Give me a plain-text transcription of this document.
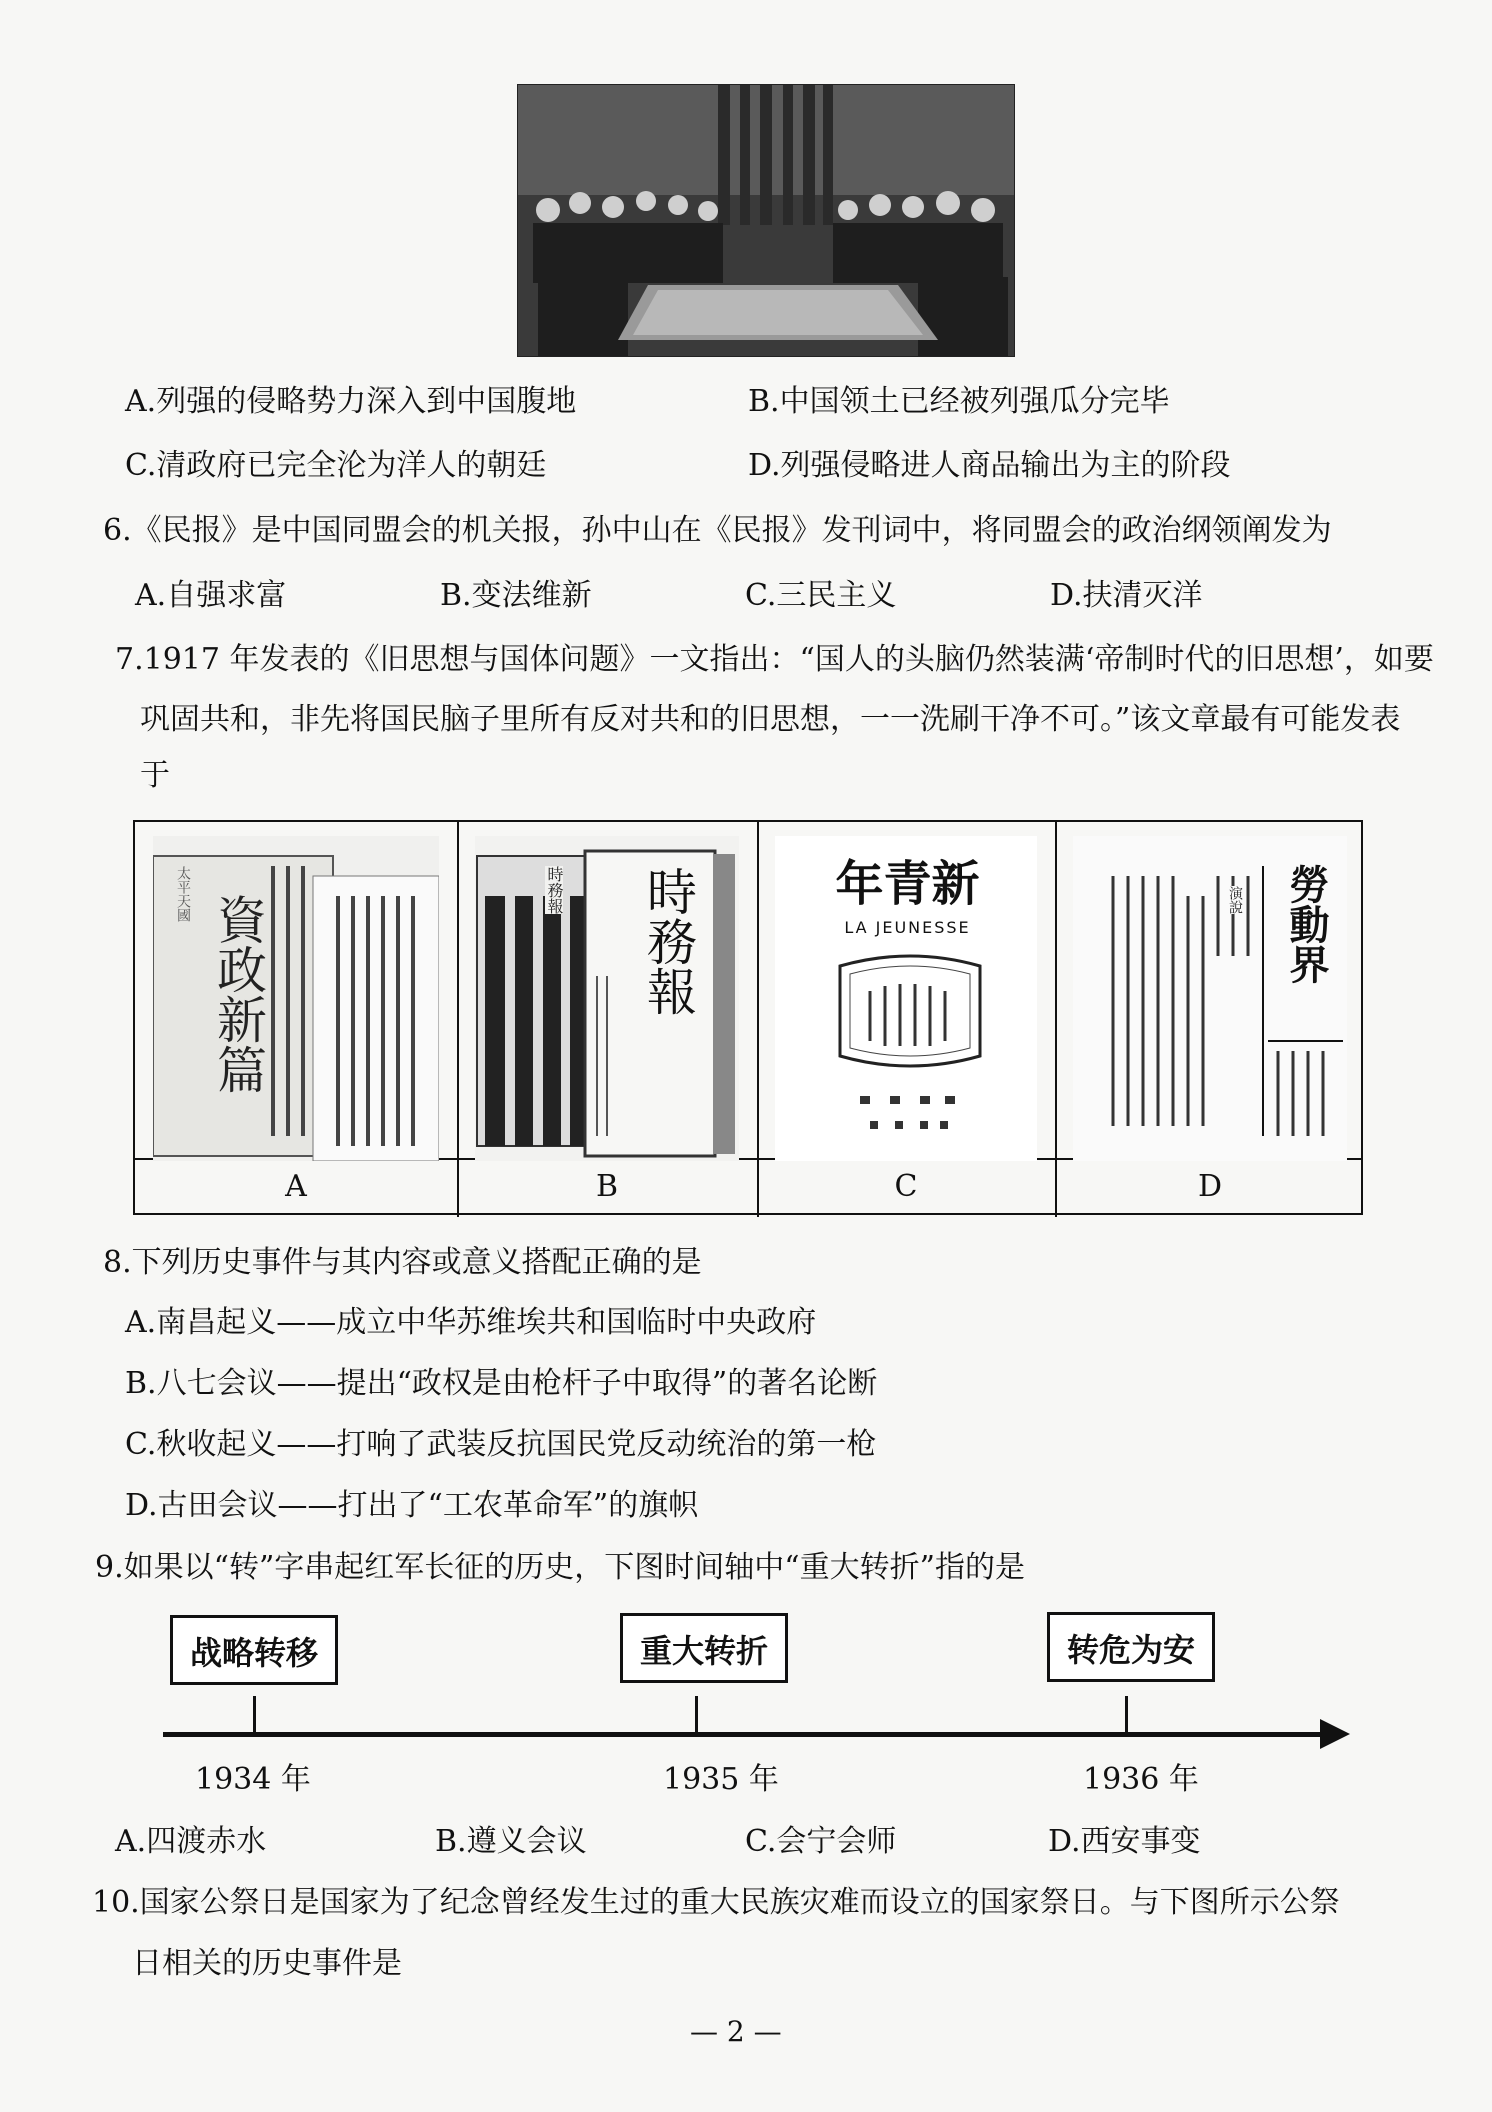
A.列强的侵略势力深入到中国腹地	B.中国领土已经被列强瓜分完毕
C.清政府已完全沦为洋人的朝廷	D.列强侵略进人商品输出为主的阶段
6.《民报》是中国同盟会的机关报，孙中山在《民报》发刊词中，将同盟会的政治纲领阐发为
A.自强求富	B.变法维新	C.三民主义	D.扶清灭洋
7.1917 年发表的《旧思想与国体问题》一文指出：“国人的头脑仍然装满‘帝制时代的旧思想’，如要
巩固共和，非先将国民脑子里所有反对共和的旧思想，一一洗刷干净不可。”该文章最有可能发表
于
資政新篇
太平天國
A
時務報
時務報
B
新青年
LA JEUNESSE
C
勞動界
演說
D
8.下列历史事件与其内容或意义搭配正确的是
A.南昌起义——成立中华苏维埃共和国临时中央政府
B.八七会议——提出“政权是由枪杆子中取得”的著名论断
C.秋收起义——打响了武装反抗国民党反动统治的第一枪
D.古田会议——打出了“工农革命军”的旗帜
9.如果以“转”字串起红军长征的历史，下图时间轴中“重大转折”指的是
战略转移	重大转折	转危为安
1934 年	1935 年	1936 年
A.四渡赤水	B.遵义会议	C.会宁会师	D.西安事变
10.国家公祭日是国家为了纪念曾经发生过的重大民族灾难而设立的国家祭日。与下图所示公祭
日相关的历史事件是
— 2 —
